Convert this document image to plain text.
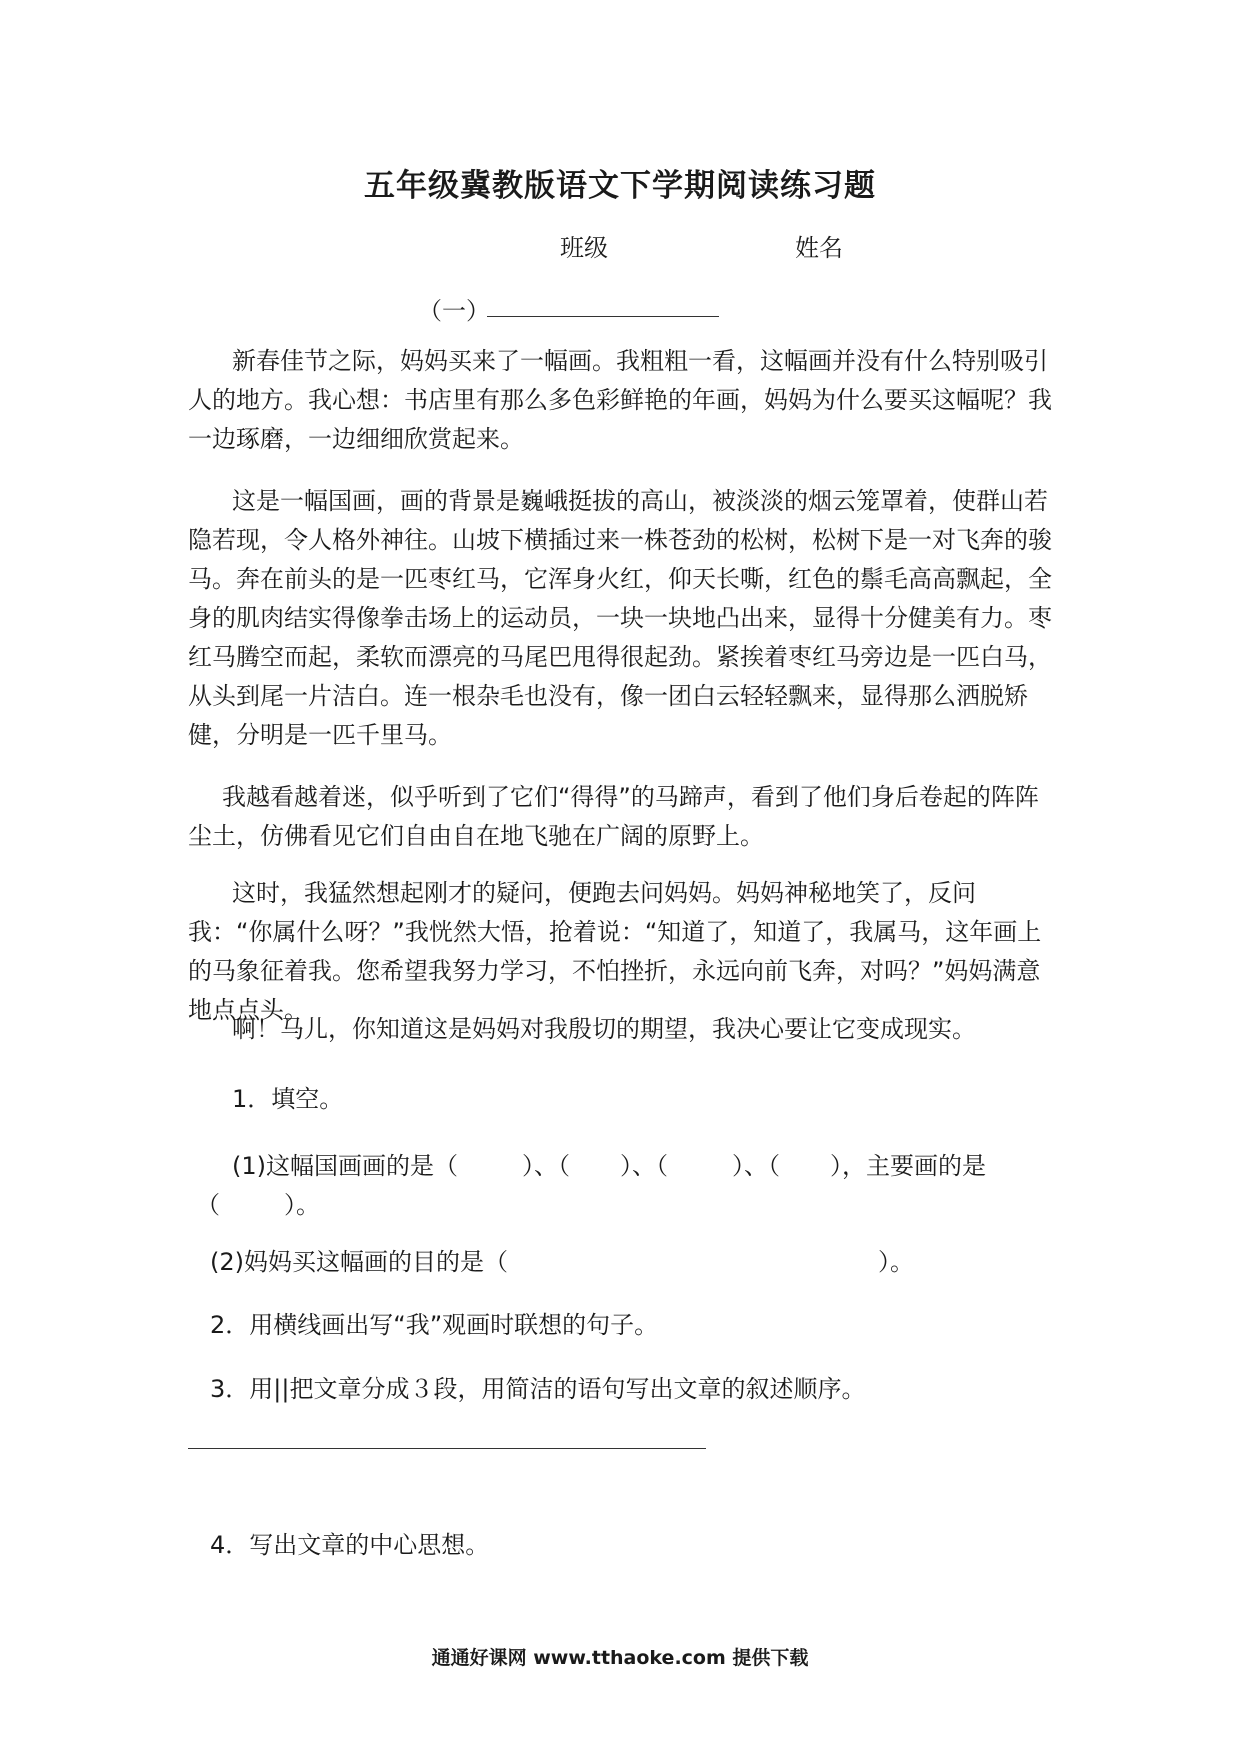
五年级冀教版语文下学期阅读练习题
班级	姓名
（一）

新春佳节之际，妈妈买来了一幅画。我粗粗一看，这幅画并没有什么特别吸引人的地方。我心想：书店里有那么多色彩鲜艳的年画，妈妈为什么要买这幅呢？我一边琢磨，一边细细欣赏起来。

这是一幅国画，画的背景是巍峨挺拔的高山，被淡淡的烟云笼罩着，使群山若隐若现，令人格外神往。山坡下横插过来一株苍劲的松树，松树下是一对飞奔的骏马。奔在前头的是一匹枣红马，它浑身火红，仰天长嘶，红色的鬃毛高高飘起，全身的肌肉结实得像拳击场上的运动员，一块一块地凸出来，显得十分健美有力。枣红马腾空而起，柔软而漂亮的马尾巴甩得很起劲。紧挨着枣红马旁边是一匹白马，从头到尾一片洁白。连一根杂毛也没有，像一团白云轻轻飘来，显得那么洒脱矫健，分明是一匹千里马。

我越看越着迷，似乎听到了它们“得得”的马蹄声，看到了他们身后卷起的阵阵尘土，仿佛看见它们自由自在地飞驰在广阔的原野上。

这时，我猛然想起刚才的疑问，便跑去问妈妈。妈妈神秘地笑了，反问我：“你属什么呀？”我恍然大悟，抢着说：“知道了，知道了，我属马，这年画上的马象征着我。您希望我努力学习，不怕挫折，永远向前飞奔，对吗？”妈妈满意地点点头。

啊！马儿，你知道这是妈妈对我殷切的期望，我决心要让它变成现实。

1．填空。
(1)这幅国画画的是（	）、（ ）、（	）、（ ），主要画的是
（	）。
(2)妈妈买这幅画的目的是（	）。
2．用横线画出写“我”观画时联想的句子。
3．用||把文章分成３段，用简洁的语句写出文章的叙述顺序。
4．写出文章的中心思想。
通通好课网 www.tthaoke.com 提供下载
